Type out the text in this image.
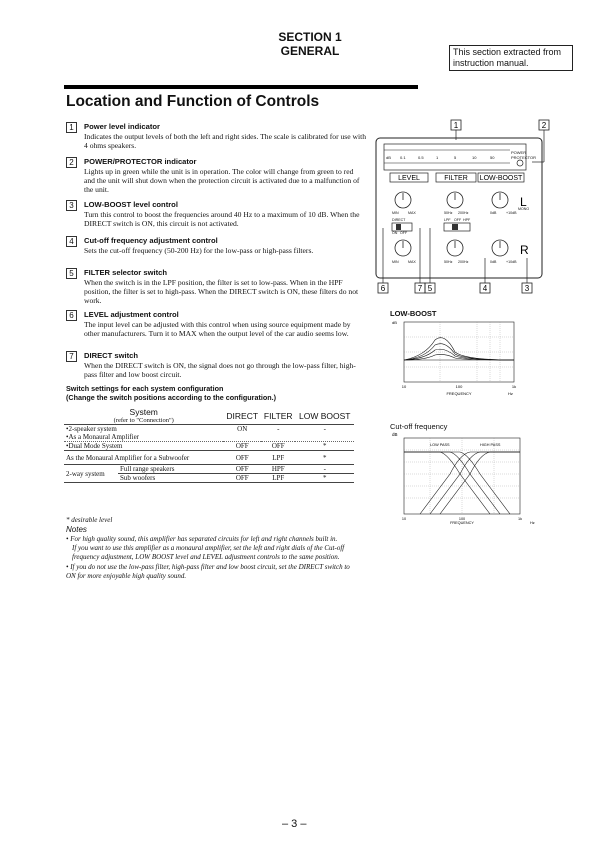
SECTION 1
GENERAL	This section extracted from instruction manual.
Location and Function of Controls
1	Power level indicator
Indicates the output levels of both the left and right sides. The scale is calibrated for use with 4 ohms speakers.
2	POWER/PROTECTOR indicator
Lights up in green while the unit is in operation. The color will change from green to red and the unit will shut down when the protection circuit is activated due to a malfunction of the unit.
3	LOW-BOOST level control
Turn this control to boost the frequencies around 40 Hz to a maximum of 10 dB. When the DIRECT switch is ON, this circuit is not activated.
4	Cut-off frequency adjustment control
Sets the cut-off frequency (50-200 Hz) for the low-pass or high-pass filters.
5	FILTER selector switch
When the switch is in the LPF position, the filter is set to low-pass. When in the HPF position, the filter is set to high-pass. When the DIRECT switch is ON, these filters do not work.
6	LEVEL adjustment control
The input level can be adjusted with this control when using source equipment made by other manufacturers. Turn it to MAX when the output level of the car audio seems low.
7	DIRECT switch
When the DIRECT switch is ON, the signal does not go through the low-pass filter, high-pass filter and low boost circuit.
Switch settings for each system configuration
(Change the switch positions according to the configuration.)
System
(refer to "Connection")		DIRECT	FILTER	LOW BOOST
•2-speaker system		ON	-	-
•As a Monaural Amplifier				
•Dual Mode System		OFF	OFF	*
As the Monaural Amplifier for a Subwoofer		OFF	LPF	*
2-way system	Full range speakers	OFF	HPF	-
	Sub woofers	OFF	LPF	*
* desirable level
Notes
• For high quality sound, this amplifier has separated circuits for left and right channels built in.
If you want to use this amplifier as a monaural amplifier, set the left and right dials of the Cut-off frequency adjustment, LOW BOOST level and LEVEL adjustment controls to the same position.
• If you do not use the low-pass filter, high-pass filter and low boost circuit, set the DIRECT switch to ON for more enjoyable high quality sound.
1	2
dB 0.1	0.5	1	5	10	50
POWER
PROTECTOR
LEVEL	FILTER LOW-BOOST
MIN	MAX	50Hz 200Hz	0dB	+10dB
MONO
DIRECT
ON OFF
LPF OFF HPF
MIN	MAX	50Hz 200Hz	0dB	+10dB
L
R
6	7 5	4	3
LOW-BOOST
dB
10	100	1k
FREQUENCY	Hz
Cut-off frequency
dB
LOW PASS	HIGH PASS
10	100	1k
FREQUENCY	Hz
– 3 –
